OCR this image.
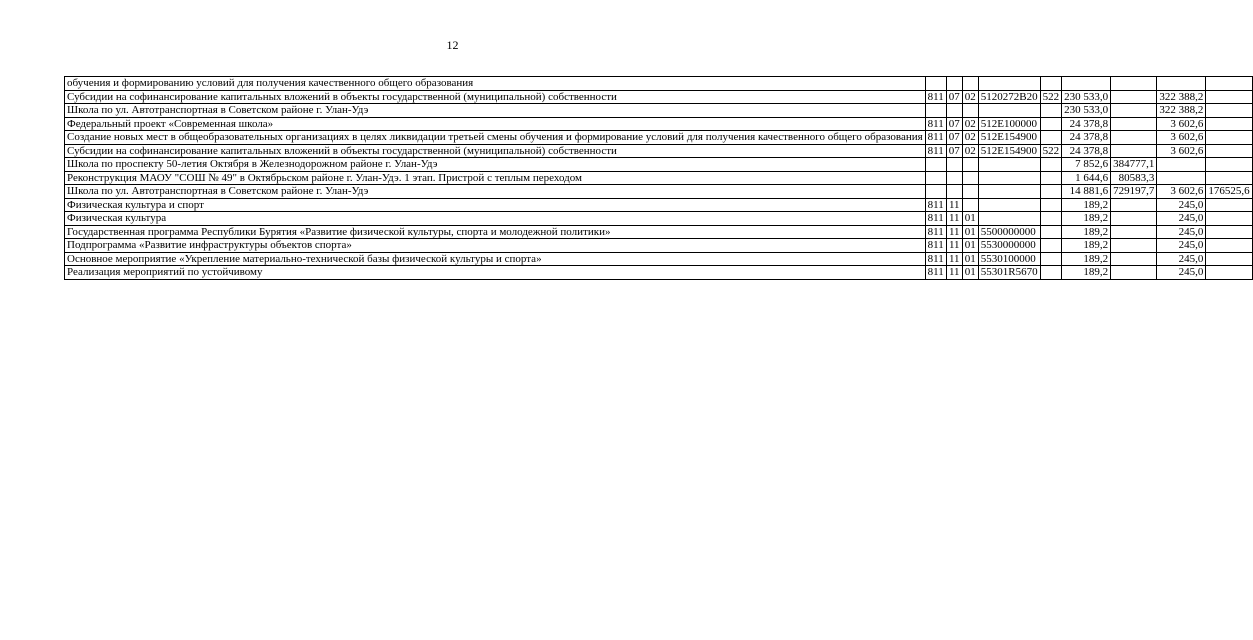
12
обучения и формированию условий для получения качественного общего образования									
Субсидии на софинансирование капитальных вложений в объекты государственной (муниципальной) собственности	811	07	02	5120272B20	522	230 533,0		322 388,2	
Школа по ул. Автотранспортная в Советском районе г. Улан-Удэ						230 533,0		322 388,2	
Федеральный проект «Современная школа»	811	07	02	512E100000		24 378,8		3 602,6	
Создание новых мест в общеобразовательных организациях в целях ликвидации третьей смены обучения и формирование условий для получения качественного общего образования	811	07	02	512E154900		24 378,8		3 602,6	
Субсидии на софинансирование капитальных вложений в объекты государственной (муниципальной) собственности	811	07	02	512E154900	522	24 378,8		3 602,6	
Школа по проспекту 50-летия Октября в Железнодорожном районе г. Улан-Удэ						7 852,6	384777,1		
Реконструкция МАОУ "СОШ № 49" в Октябрьском районе г. Улан-Удэ. 1 этап. Пристрой с теплым переходом						1 644,6	80583,3		
Школа по ул. Автотранспортная в Советском районе г. Улан-Удэ						14 881,6	729197,7	3 602,6	176525,6
Физическая культура и спорт	811	11				189,2		245,0	
Физическая культура	811	11	01			189,2		245,0	
Государственная программа Республики Бурятия «Развитие физической культуры, спорта и молодежной политики»	811	11	01	5500000000		189,2		245,0	
Подпрограмма «Развитие инфраструктуры объектов спорта»	811	11	01	5530000000		189,2		245,0	
Основное мероприятие «Укрепление материально-технической базы физической культуры и спорта»	811	11	01	5530100000		189,2		245,0	
Реализация мероприятий по устойчивому	811	11	01	55301R5670		189,2		245,0	
